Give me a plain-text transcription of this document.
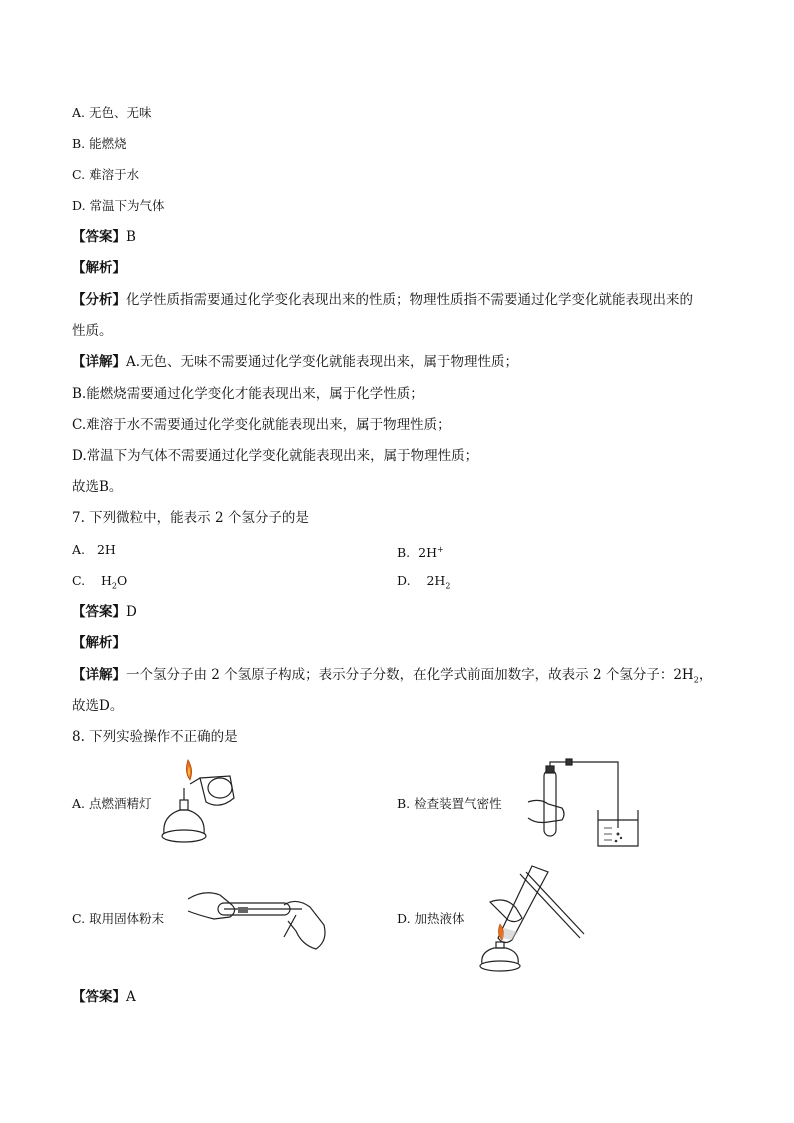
A. 无色、无味
B. 能燃烧
C. 难溶于水
D. 常温下为气体
【答案】B
【解析】
【分析】化学性质指需要通过化学变化表现出来的性质；物理性质指不需要通过化学变化就能表现出来的
性质。
【详解】A.无色、无味不需要通过化学变化就能表现出来，属于物理性质；
B.能燃烧需要通过化学变化才能表现出来，属于化学性质；
C.难溶于水不需要通过化学变化就能表现出来，属于物理性质；
D.常温下为气体不需要通过化学变化就能表现出来，属于物理性质；
故选B。
7. 下列微粒中，能表示 2 个氢分子的是
A. 2H	B. 2H+
C. $H_2O$	D. $2H_2$
【答案】D
【解析】
【详解】一个氢分子由 2 个氢原子构成；表示分子分数，在化学式前面加数字，故表示 2 个氢分子：$2H_2$，
故选D。
8. 下列实验操作不正确的是
A. 点燃酒精灯	B. 检查装置气密性
C. 取用固体粉末	D. 加热液体
【答案】A
